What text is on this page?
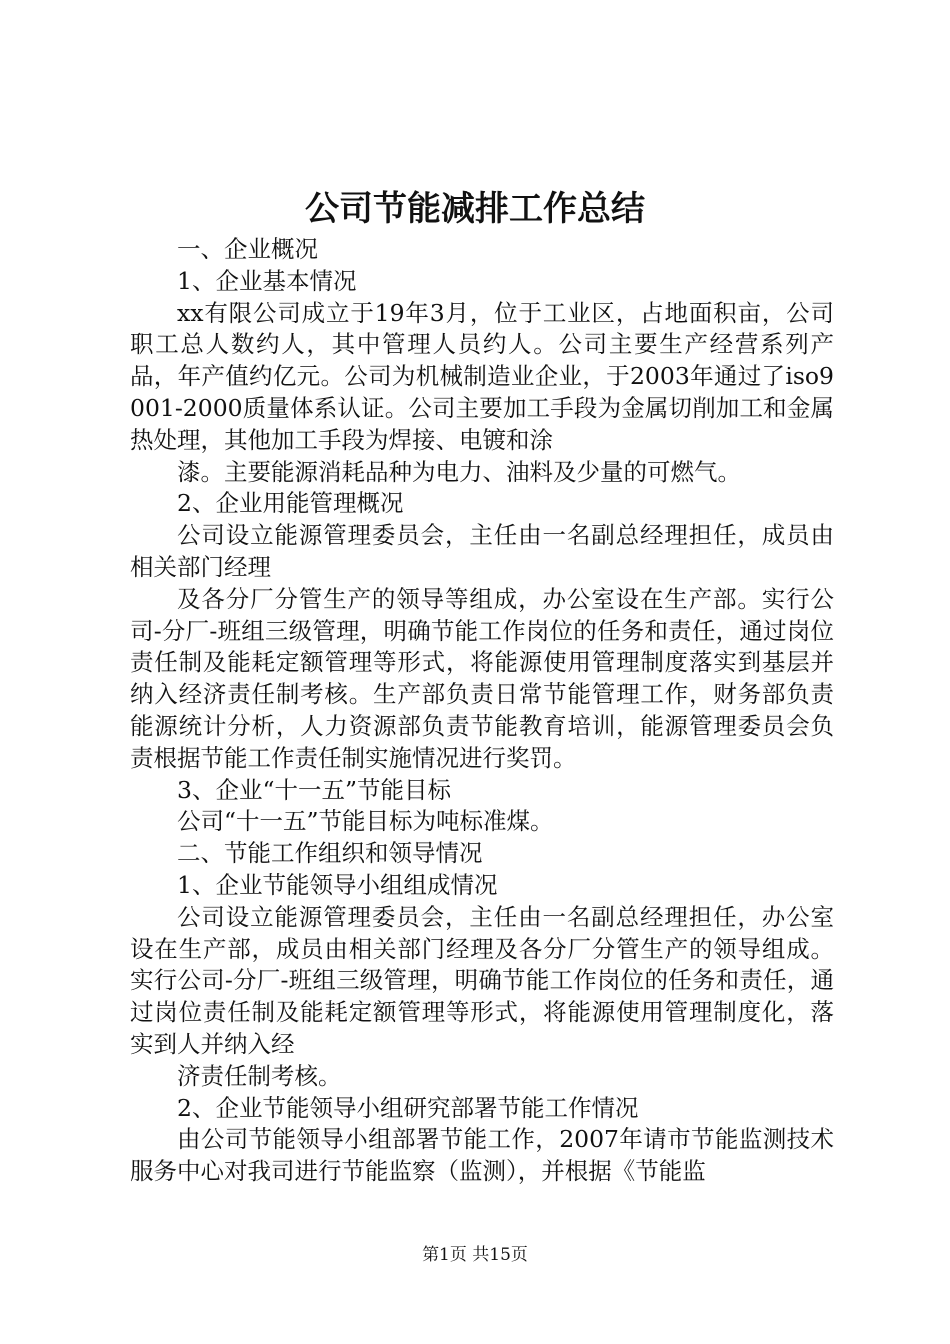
公司节能减排工作总结

一、企业概况

1、企业基本情况

xx有限公司成立于19年3月，位于工业区，占地面积亩，公司职工总人数约人，其中管理人员约人。公司主要生产经营系列产品，年产值约亿元。公司为机械制造业企业，于2003年通过了iso9001-2000质量体系认证。公司主要加工手段为金属切削加工和金属热处理，其他加工手段为焊接、电镀和涂

漆。主要能源消耗品种为电力、油料及少量的可燃气。

2、企业用能管理概况

公司设立能源管理委员会，主任由一名副总经理担任，成员由相关部门经理

及各分厂分管生产的领导等组成，办公室设在生产部。实行公司-分厂-班组三级管理，明确节能工作岗位的任务和责任，通过岗位责任制及能耗定额管理等形式，将能源使用管理制度落实到基层并纳入经济责任制考核。生产部负责日常节能管理工作，财务部负责能源统计分析，人力资源部负责节能教育培训，能源管理委员会负责根据节能工作责任制实施情况进行奖罚。

3、企业“十一五”节能目标

公司“十一五”节能目标为吨标准煤。

二、节能工作组织和领导情况

1、企业节能领导小组组成情况

公司设立能源管理委员会，主任由一名副总经理担任，办公室设在生产部，成员由相关部门经理及各分厂分管生产的领导组成。实行公司-分厂-班组三级管理，明确节能工作岗位的任务和责任，通过岗位责任制及能耗定额管理等形式，将能源使用管理制度化，落实到人并纳入经

济责任制考核。

2、企业节能领导小组研究部署节能工作情况

由公司节能领导小组部署节能工作，2007年请市节能监测技术服务中心对我司进行节能监察（监测），并根据《节能监

第1页 共15页
